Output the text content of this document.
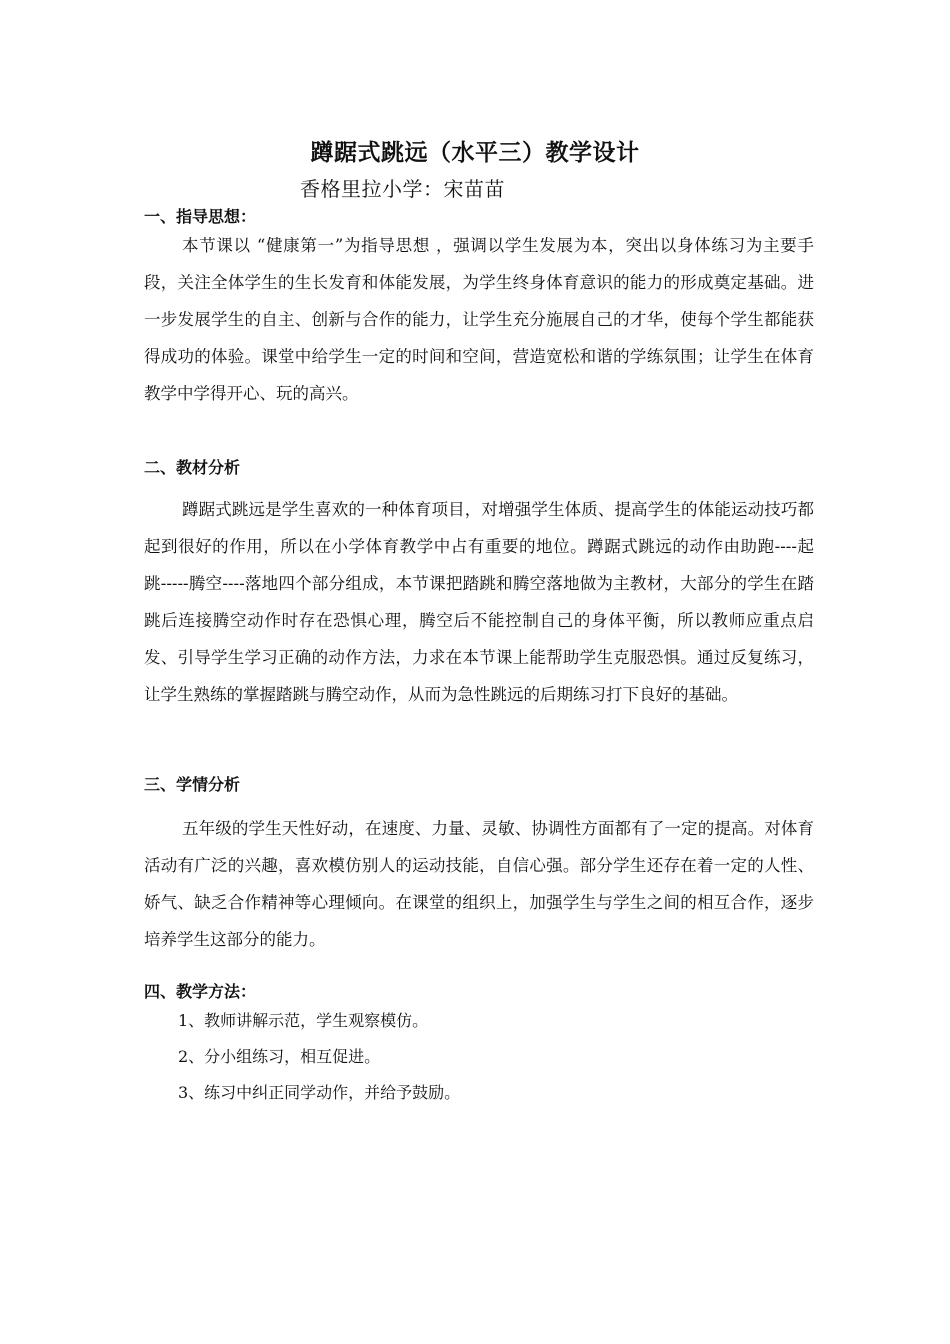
蹲踞式跳远（水平三）教学设计
香格里拉小学：宋苗苗
一、指导思想：

本节课以 “健康第一”为指导思想 ，强调以学生发展为本，突出以身体练习为主要手段，关注全体学生的生长发育和体能发展，为学生终身体育意识的能力的形成奠定基础。进一步发展学生的自主、创新与合作的能力，让学生充分施展自己的才华，使每个学生都能获得成功的体验。课堂中给学生一定的时间和空间，营造宽松和谐的学练氛围；让学生在体育教学中学得开心、玩的高兴。

二、教材分析

蹲踞式跳远是学生喜欢的一种体育项目，对增强学生体质、提高学生的体能运动技巧都起到很好的作用，所以在小学体育教学中占有重要的地位。蹲踞式跳远的动作由助跑----起跳-----腾空----落地四个部分组成，本节课把踏跳和腾空落地做为主教材，大部分的学生在踏跳后连接腾空动作时存在恐惧心理，腾空后不能控制自己的身体平衡，所以教师应重点启发、引导学生学习正确的动作方法，力求在本节课上能帮助学生克服恐惧。通过反复练习，让学生熟练的掌握踏跳与腾空动作，从而为急性跳远的后期练习打下良好的基础。

三、学情分析

五年级的学生天性好动，在速度、力量、灵敏、协调性方面都有了一定的提高。对体育活动有广泛的兴趣，喜欢模仿别人的运动技能，自信心强。部分学生还存在着一定的人性、娇气、缺乏合作精神等心理倾向。在课堂的组织上，加强学生与学生之间的相互合作，逐步培养学生这部分的能力。

四、教学方法：
1、教师讲解示范，学生观察模仿。
2、分小组练习，相互促进。
3、练习中纠正同学动作，并给予鼓励。
